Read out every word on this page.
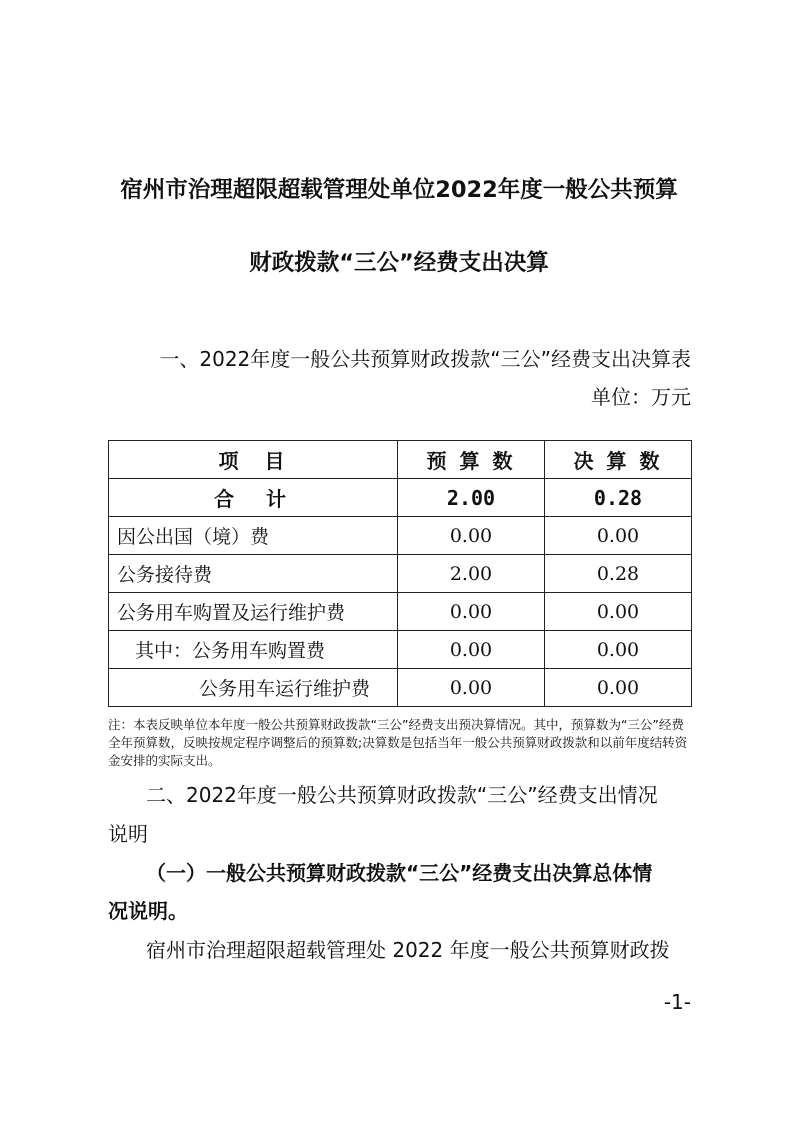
宿州市治理超限超载管理处单位2022年度一般公共预算
财政拨款“三公”经费支出决算
一、2022年度一般公共预算财政拨款“三公”经费支出决算表
单位：万元
项　目	预 算 数	决 算 数
合　计	2.00	0.28
因公出国（境）费	0.00	0.00
公务接待费	2.00	0.28
公务用车购置及运行维护费	0.00	0.00
其中：公务用车购置费	0.00	0.00
公务用车运行维护费	0.00	0.00
注：本表反映单位本年度一般公共预算财政拨款“三公”经费支出预决算情况。其中，预算数为“三公”经费全年预算数，反映按规定程序调整后的预算数;决算数是包括当年一般公共预算财政拨款和以前年度结转资金安排的实际支出。
二、2022年度一般公共预算财政拨款“三公”经费支出情况
说明
（一）一般公共预算财政拨款“三公”经费支出决算总体情
况说明。
宿州市治理超限超载管理处 2022 年度一般公共预算财政拨
-1-
